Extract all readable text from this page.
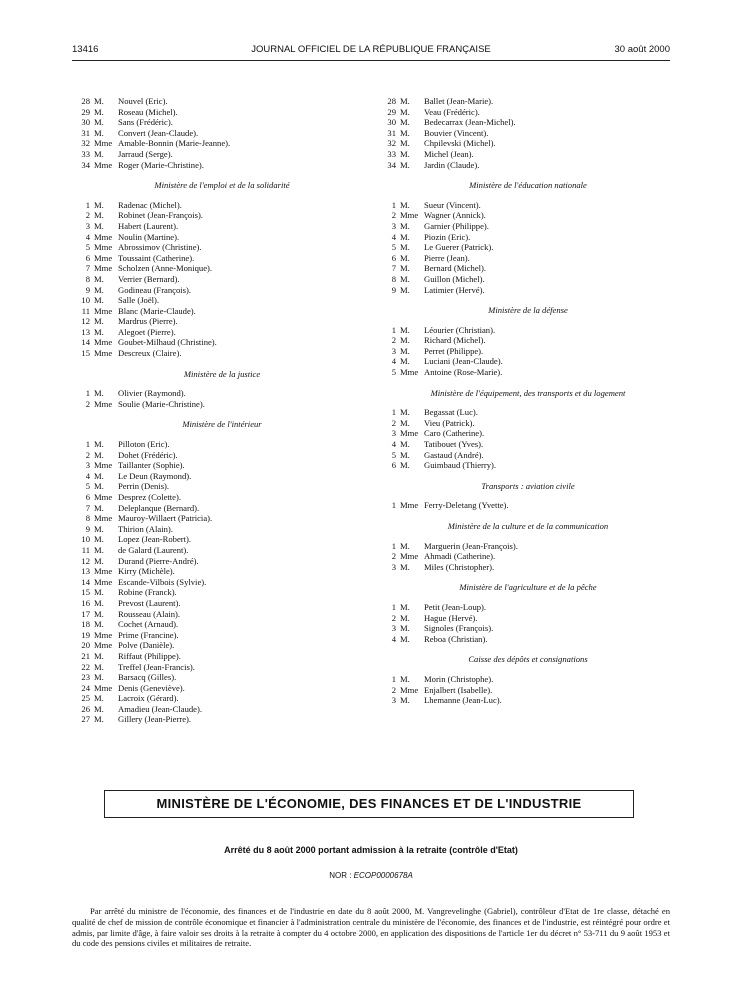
13416	JOURNAL OFFICIEL DE LA RÉPUBLIQUE FRANÇAISE	30 août 2000
28 M.	Nouvel (Eric).
29 M.	Roseau (Michel).
30 M.	Sans (Frédéric).
31 M.	Convert (Jean-Claude).
32 Mme Amable-Bonnin (Marie-Jeanne).
33 M.	Jarraud (Serge).
34 Mme Roger (Marie-Christine).
Ministère de l'emploi et de la solidarité
1 M.	Radenac (Michel).
2 M.	Robinet (Jean-François).
3 M.	Habert (Laurent).
4 Mme Noulin (Martine).
5 Mme Abrossimov (Christine).
6 Mme Toussaint (Catherine).
7 Mme Scholzen (Anne-Monique).
8 M.	Verrier (Bernard).
9 M.	Godineau (François).
10 M.	Salle (Joël).
11 Mme Blanc (Marie-Claude).
12 M.	Mardrus (Pierre).
13 M.	Alegoet (Pierre).
14 Mme Goubet-Milhaud (Christine).
15 Mme Descreux (Claire).
Ministère de la justice
1 M.	Olivier (Raymond).
2 Mme Soulie (Marie-Christine).
Ministère de l'intérieur
1 M.	Pilloton (Eric).
2 M.	Dohet (Frédéric).
3 Mme Taillanter (Sophie).
4 M.	Le Deun (Raymond).
5 M.	Perrin (Denis).
6 Mme Desprez (Colette).
7 M.	Deleplanque (Bernard).
8 Mme Mauroy-Willaert (Patricia).
9 M.	Thirion (Alain).
10 M.	Lopez (Jean-Robert).
11 M.	de Galard (Laurent).
12 M.	Durand (Pierre-André).
13 Mme Kirry (Michèle).
14 Mme Escande-Vilbois (Sylvie).
15 M.	Robine (Franck).
16 M.	Prevost (Laurent).
17 M.	Rousseau (Alain).
18 M.	Cochet (Arnaud).
19 Mme Prime (Francine).
20 Mme Polve (Danièle).
21 M.	Riffaut (Philippe).
22 M.	Treffel (Jean-Francis).
23 M.	Barsacq (Gilles).
24 Mme Denis (Geneviève).
25 M.	Lacroix (Gérard).
26 M.	Amadieu (Jean-Claude).
27 M.	Gillery (Jean-Pierre).
28 M.	Ballet (Jean-Marie).
29 M.	Veau (Frédéric).
30 M.	Bedecarrax (Jean-Michel).
31 M.	Bouvier (Vincent).
32 M.	Chpilevski (Michel).
33 M.	Michel (Jean).
34 M.	Jardin (Claude).
Ministère de l'éducation nationale
1 M.	Sueur (Vincent).
2 Mme Wagner (Annick).
3 M.	Garnier (Philippe).
4 M.	Piozin (Eric).
5 M.	Le Guerer (Patrick).
6 M.	Pierre (Jean).
7 M.	Bernard (Michel).
8 M.	Guillon (Michel).
9 M.	Latimier (Hervé).
Ministère de la défense
1 M.	Léourier (Christian).
2 M.	Richard (Michel).
3 M.	Perret (Philippe).
4 M.	Luciani (Jean-Claude).
5 Mme Antoine (Rose-Marie).
Ministère de l'équipement, des transports et du logement
1 M.	Begassat (Luc).
2 M.	Vieu (Patrick).
3 Mme Caro (Catherine).
4 M.	Tatibouet (Yves).
5 M.	Gastaud (André).
6 M.	Guimbaud (Thierry).
Transports : aviation civile
1 Mme Ferry-Deletang (Yvette).
Ministère de la culture et de la communication
1 M.	Marguerin (Jean-François).
2 Mme Ahmadi (Catherine).
3 M.	Miles (Christopher).
Ministère de l'agriculture et de la pêche
1 M.	Petit (Jean-Loup).
2 M.	Hague (Hervé).
3 M.	Signoles (François).
4 M.	Reboa (Christian).
Caisse des dépôts et consignations
1 M.	Morin (Christophe).
2 Mme Enjalbert (Isabelle).
3 M.	Lhemanne (Jean-Luc).
MINISTÈRE DE L'ÉCONOMIE, DES FINANCES ET DE L'INDUSTRIE
Arrêté du 8 août 2000 portant admission à la retraite (contrôle d'Etat)
NOR : ECOP0000678A
Par arrêté du ministre de l'économie, des finances et de l'industrie en date du 8 août 2000, M. Vangrevelinghe (Gabriel), contrôleur d'Etat de 1re classe, détaché en qualité de chef de mission de contrôle économique et financier à l'administration centrale du ministère de l'économie, des finances et de l'industrie, est réintégré pour ordre et admis, par limite d'âge, à faire valoir ses droits à la retraite à compter du 4 octobre 2000, en application des dispositions de l'article 1er du décret n° 53-711 du 9 août 1953 et du code des pensions civiles et militaires de retraite.
